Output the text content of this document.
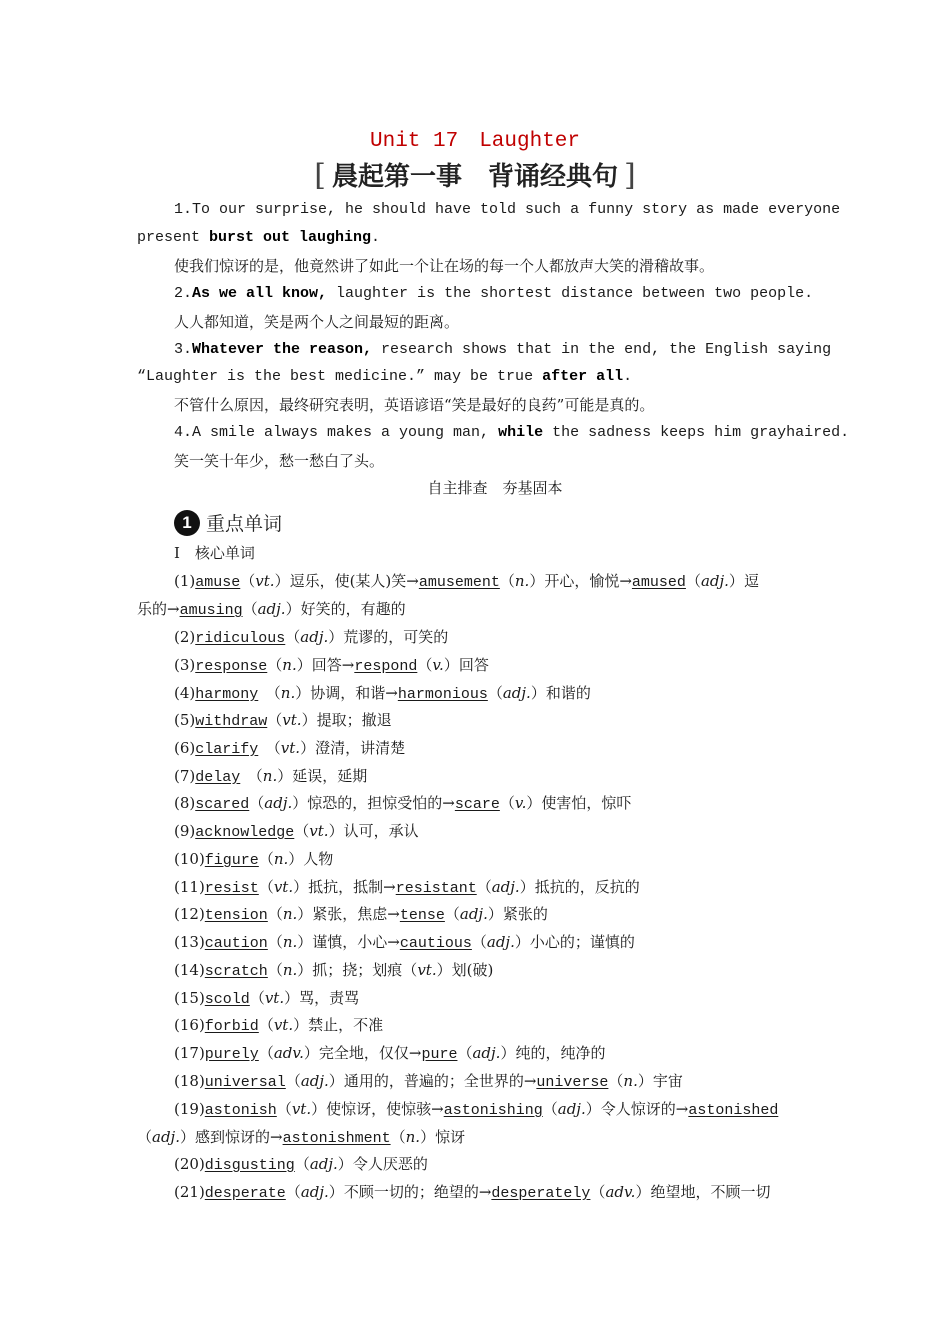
Unit 17　Laughter
[ 晨起第一事　背诵经典句 ]
1.To our surprise, he should have told such a funny story as made everyone
present burst out laughing.
使我们惊讶的是，他竟然讲了如此一个让在场的每一个人都放声大笑的滑稽故事。
2.As we all know, laughter is the shortest distance between two people.
人人都知道，笑是两个人之间最短的距离。
3.Whatever the reason, research shows that in the end, the English saying
“Laughter is the best medicine.” may be true after all.
不管什么原因，最终研究表明，英语谚语“笑是最好的良药”可能是真的。
4.A smile always makes a young man, while the sadness keeps him grayhaired.
笑一笑十年少，愁一愁白了头。
自主排查　夯基固本
1 重点单词
Ⅰ　核心单词
(1)amuse（vt.）逗乐，使(某人)笑→amusement（n.）开心，愉悦→amused（adj.）逗
乐的→amusing（adj.）好笑的，有趣的
(2)ridiculous（adj.）荒谬的，可笑的
(3)response（n.）回答→respond（v.）回答
(4)harmony　（n.）协调，和谐→harmonious（adj.）和谐的
(5)withdraw（vt.）提取；撤退
(6)clarify　（vt.）澄清，讲清楚
(7)delay　（n.）延误，延期
(8)scared（adj.）惊恐的，担惊受怕的→scare（v.）使害怕，惊吓
(9)acknowledge（vt.）认可，承认
(10)figure（n.）人物
(11)resist（vt.）抵抗，抵制→resistant（adj.）抵抗的，反抗的
(12)tension（n.）紧张，焦虑→tense（adj.）紧张的
(13)caution（n.）谨慎，小心→cautious（adj.）小心的；谨慎的
(14)scratch（n.）抓；挠；划痕（vt.）划(破)
(15)scold（vt.）骂，责骂
(16)forbid（vt.）禁止，不准
(17)purely（adv.）完全地，仅仅→pure（adj.）纯的，纯净的
(18)universal（adj.）通用的，普遍的；全世界的→universe（n.）宇宙
(19)astonish（vt.）使惊讶，使惊骇→astonishing（adj.）令人惊讶的→astonished
（adj.）感到惊讶的→astonishment（n.）惊讶
(20)disgusting（adj.）令人厌恶的
(21)desperate（adj.）不顾一切的；绝望的→desperately（adv.）绝望地，不顾一切
